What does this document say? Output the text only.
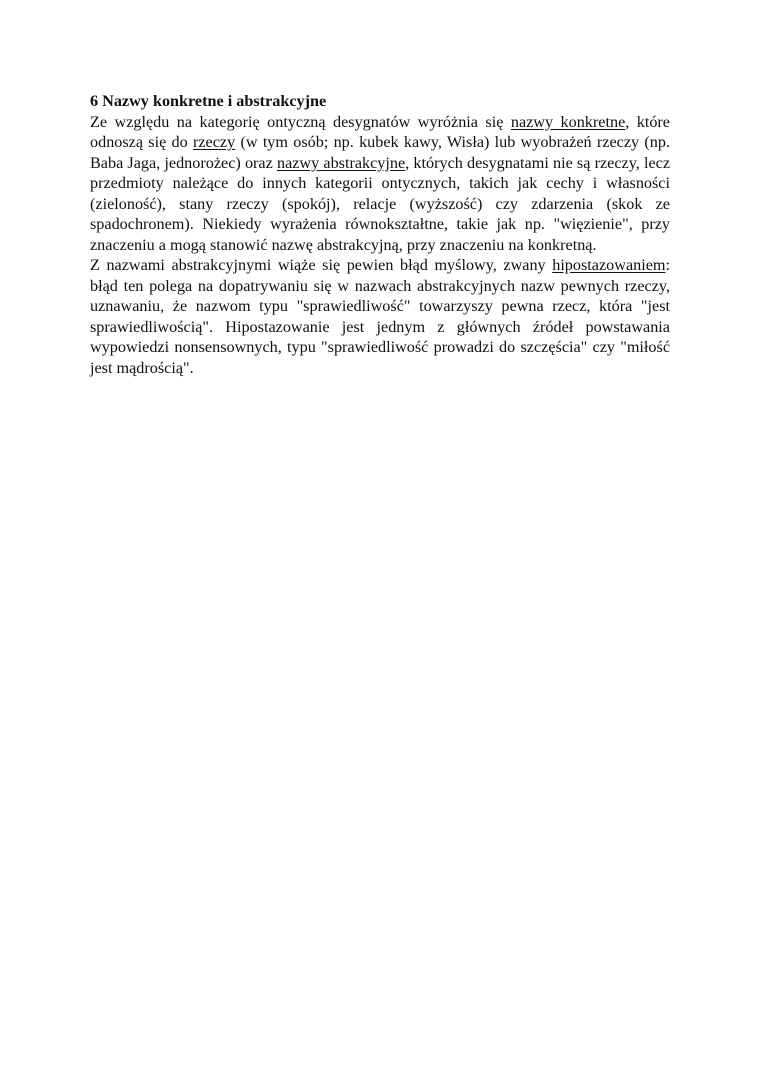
6 Nazwy konkretne i abstrakcyjne

Ze względu na kategorię ontyczną desygnatów wyróżnia się nazwy konkretne, które odnoszą się do rzeczy (w tym osób; np. kubek kawy, Wisła) lub wyobrażeń rzeczy (np. Baba Jaga, jednorożec) oraz nazwy abstrakcyjne, których desygnatami nie są rzeczy, lecz przedmioty należące do innych kategorii ontycznych, takich jak cechy i własności (zieloność), stany rzeczy (spokój), relacje (wyższość) czy zdarzenia (skok ze spadochronem). Niekiedy wyrażenia równokształtne, takie jak np. "więzienie", przy znaczeniu a mogą stanowić nazwę abstrakcyjną, przy znaczeniu na konkretną.

Z nazwami abstrakcyjnymi wiąże się pewien błąd myślowy, zwany hipostazowaniem: błąd ten polega na dopatrywaniu się w nazwach abstrakcyjnych nazw pewnych rzeczy, uznawaniu, że nazwom typu "sprawiedliwość" towarzyszy pewna rzecz, która "jest sprawiedliwością". Hipostazowanie jest jednym z głównych źródeł powstawania wypowiedzi nonsensownych, typu "sprawiedliwość prowadzi do szczęścia" czy "miłość jest mądrością".
